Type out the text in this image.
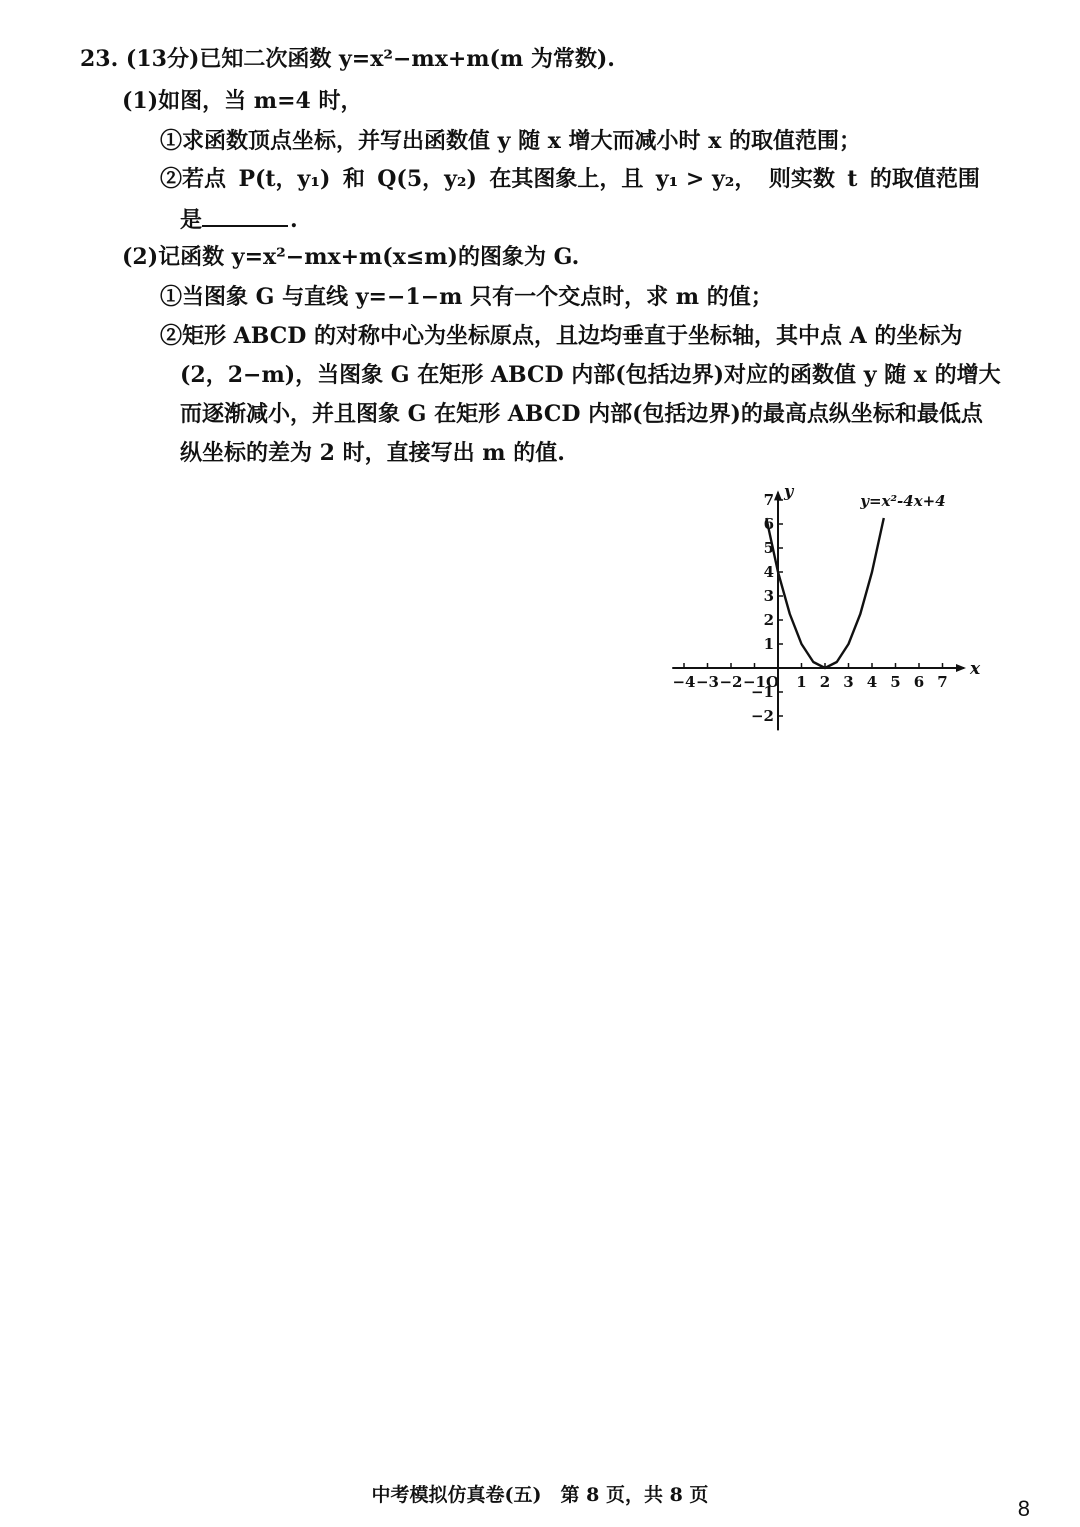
23. (13分)已知二次函数 y=x²−mx+m(m 为常数).
(1)如图，当 m=4 时，
①求函数顶点坐标，并写出函数值 y 随 x 增大而减小时 x 的取值范围；
②若点 P(t，y₁) 和 Q(5，y₂) 在其图象上，且 y₁ > y₂， 则实数 t 的取值范围
是	.
(2)记函数 y=x²−mx+m(x≤m)的图象为 G.
①当图象 G 与直线 y=−1−m 只有一个交点时，求 m 的值；
②矩形 ABCD 的对称中心为坐标原点，且边均垂直于坐标轴，其中点 A 的坐标为
(2，2−m)，当图象 G 在矩形 ABCD 内部(包括边界)对应的函数值 y 随 x 的增大
而逐渐减小，并且图象 G 在矩形 ABCD 内部(包括边界)的最高点纵坐标和最低点
纵坐标的差为 2 时，直接写出 m 的值.
−4 −3 −2 −1 1 2 3 4 5 6 7
−2
−1
1
2
3
4
5
6
7
x
y
O
y=x²-4x+4
中考模拟仿真卷(五)　第 8 页，共 8 页
8
